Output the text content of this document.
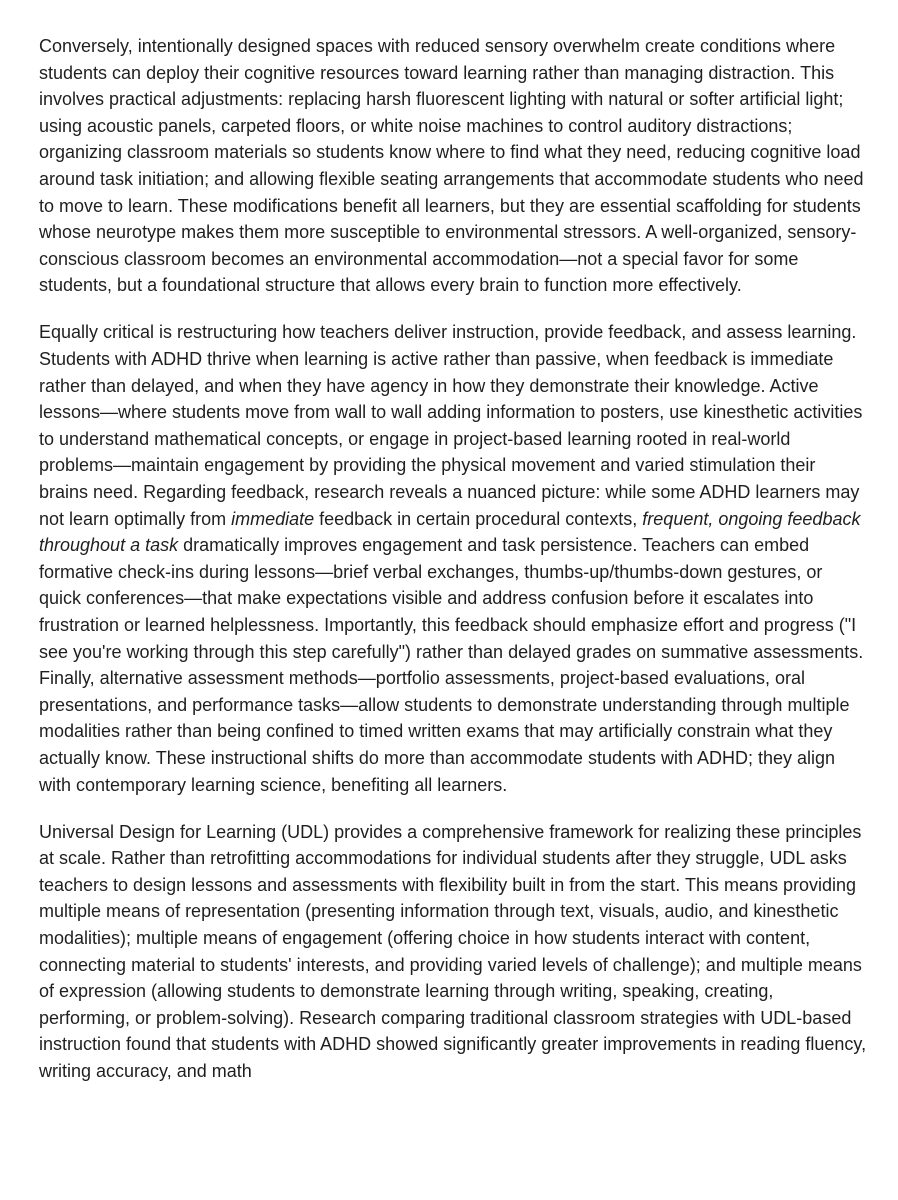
Conversely, intentionally designed spaces with reduced sensory overwhelm create conditions where students can deploy their cognitive resources toward learning rather than managing distraction. This involves practical adjustments: replacing harsh fluorescent lighting with natural or softer artificial light; using acoustic panels, carpeted floors, or white noise machines to control auditory distractions; organizing classroom materials so students know where to find what they need, reducing cognitive load around task initiation; and allowing flexible seating arrangements that accommodate students who need to move to learn. These modifications benefit all learners, but they are essential scaffolding for students whose neurotype makes them more susceptible to environmental stressors. A well-organized, sensory-conscious classroom becomes an environmental accommodation—not a special favor for some students, but a foundational structure that allows every brain to function more effectively.

Equally critical is restructuring how teachers deliver instruction, provide feedback, and assess learning. Students with ADHD thrive when learning is active rather than passive, when feedback is immediate rather than delayed, and when they have agency in how they demonstrate their knowledge. Active lessons—where students move from wall to wall adding information to posters, use kinesthetic activities to understand mathematical concepts, or engage in project-based learning rooted in real-world problems—maintain engagement by providing the physical movement and varied stimulation their brains need. Regarding feedback, research reveals a nuanced picture: while some ADHD learners may not learn optimally from immediate feedback in certain procedural contexts, frequent, ongoing feedback throughout a task dramatically improves engagement and task persistence. Teachers can embed formative check-ins during lessons—brief verbal exchanges, thumbs-up/thumbs-down gestures, or quick conferences—that make expectations visible and address confusion before it escalates into frustration or learned helplessness. Importantly, this feedback should emphasize effort and progress ("I see you're working through this step carefully") rather than delayed grades on summative assessments. Finally, alternative assessment methods—portfolio assessments, project-based evaluations, oral presentations, and performance tasks—allow students to demonstrate understanding through multiple modalities rather than being confined to timed written exams that may artificially constrain what they actually know. These instructional shifts do more than accommodate students with ADHD; they align with contemporary learning science, benefiting all learners.

Universal Design for Learning (UDL) provides a comprehensive framework for realizing these principles at scale. Rather than retrofitting accommodations for individual students after they struggle, UDL asks teachers to design lessons and assessments with flexibility built in from the start. This means providing multiple means of representation (presenting information through text, visuals, audio, and kinesthetic modalities); multiple means of engagement (offering choice in how students interact with content, connecting material to students' interests, and providing varied levels of challenge); and multiple means of expression (allowing students to demonstrate learning through writing, speaking, creating, performing, or problem-solving). Research comparing traditional classroom strategies with UDL-based instruction found that students with ADHD showed significantly greater improvements in reading fluency, writing accuracy, and math
